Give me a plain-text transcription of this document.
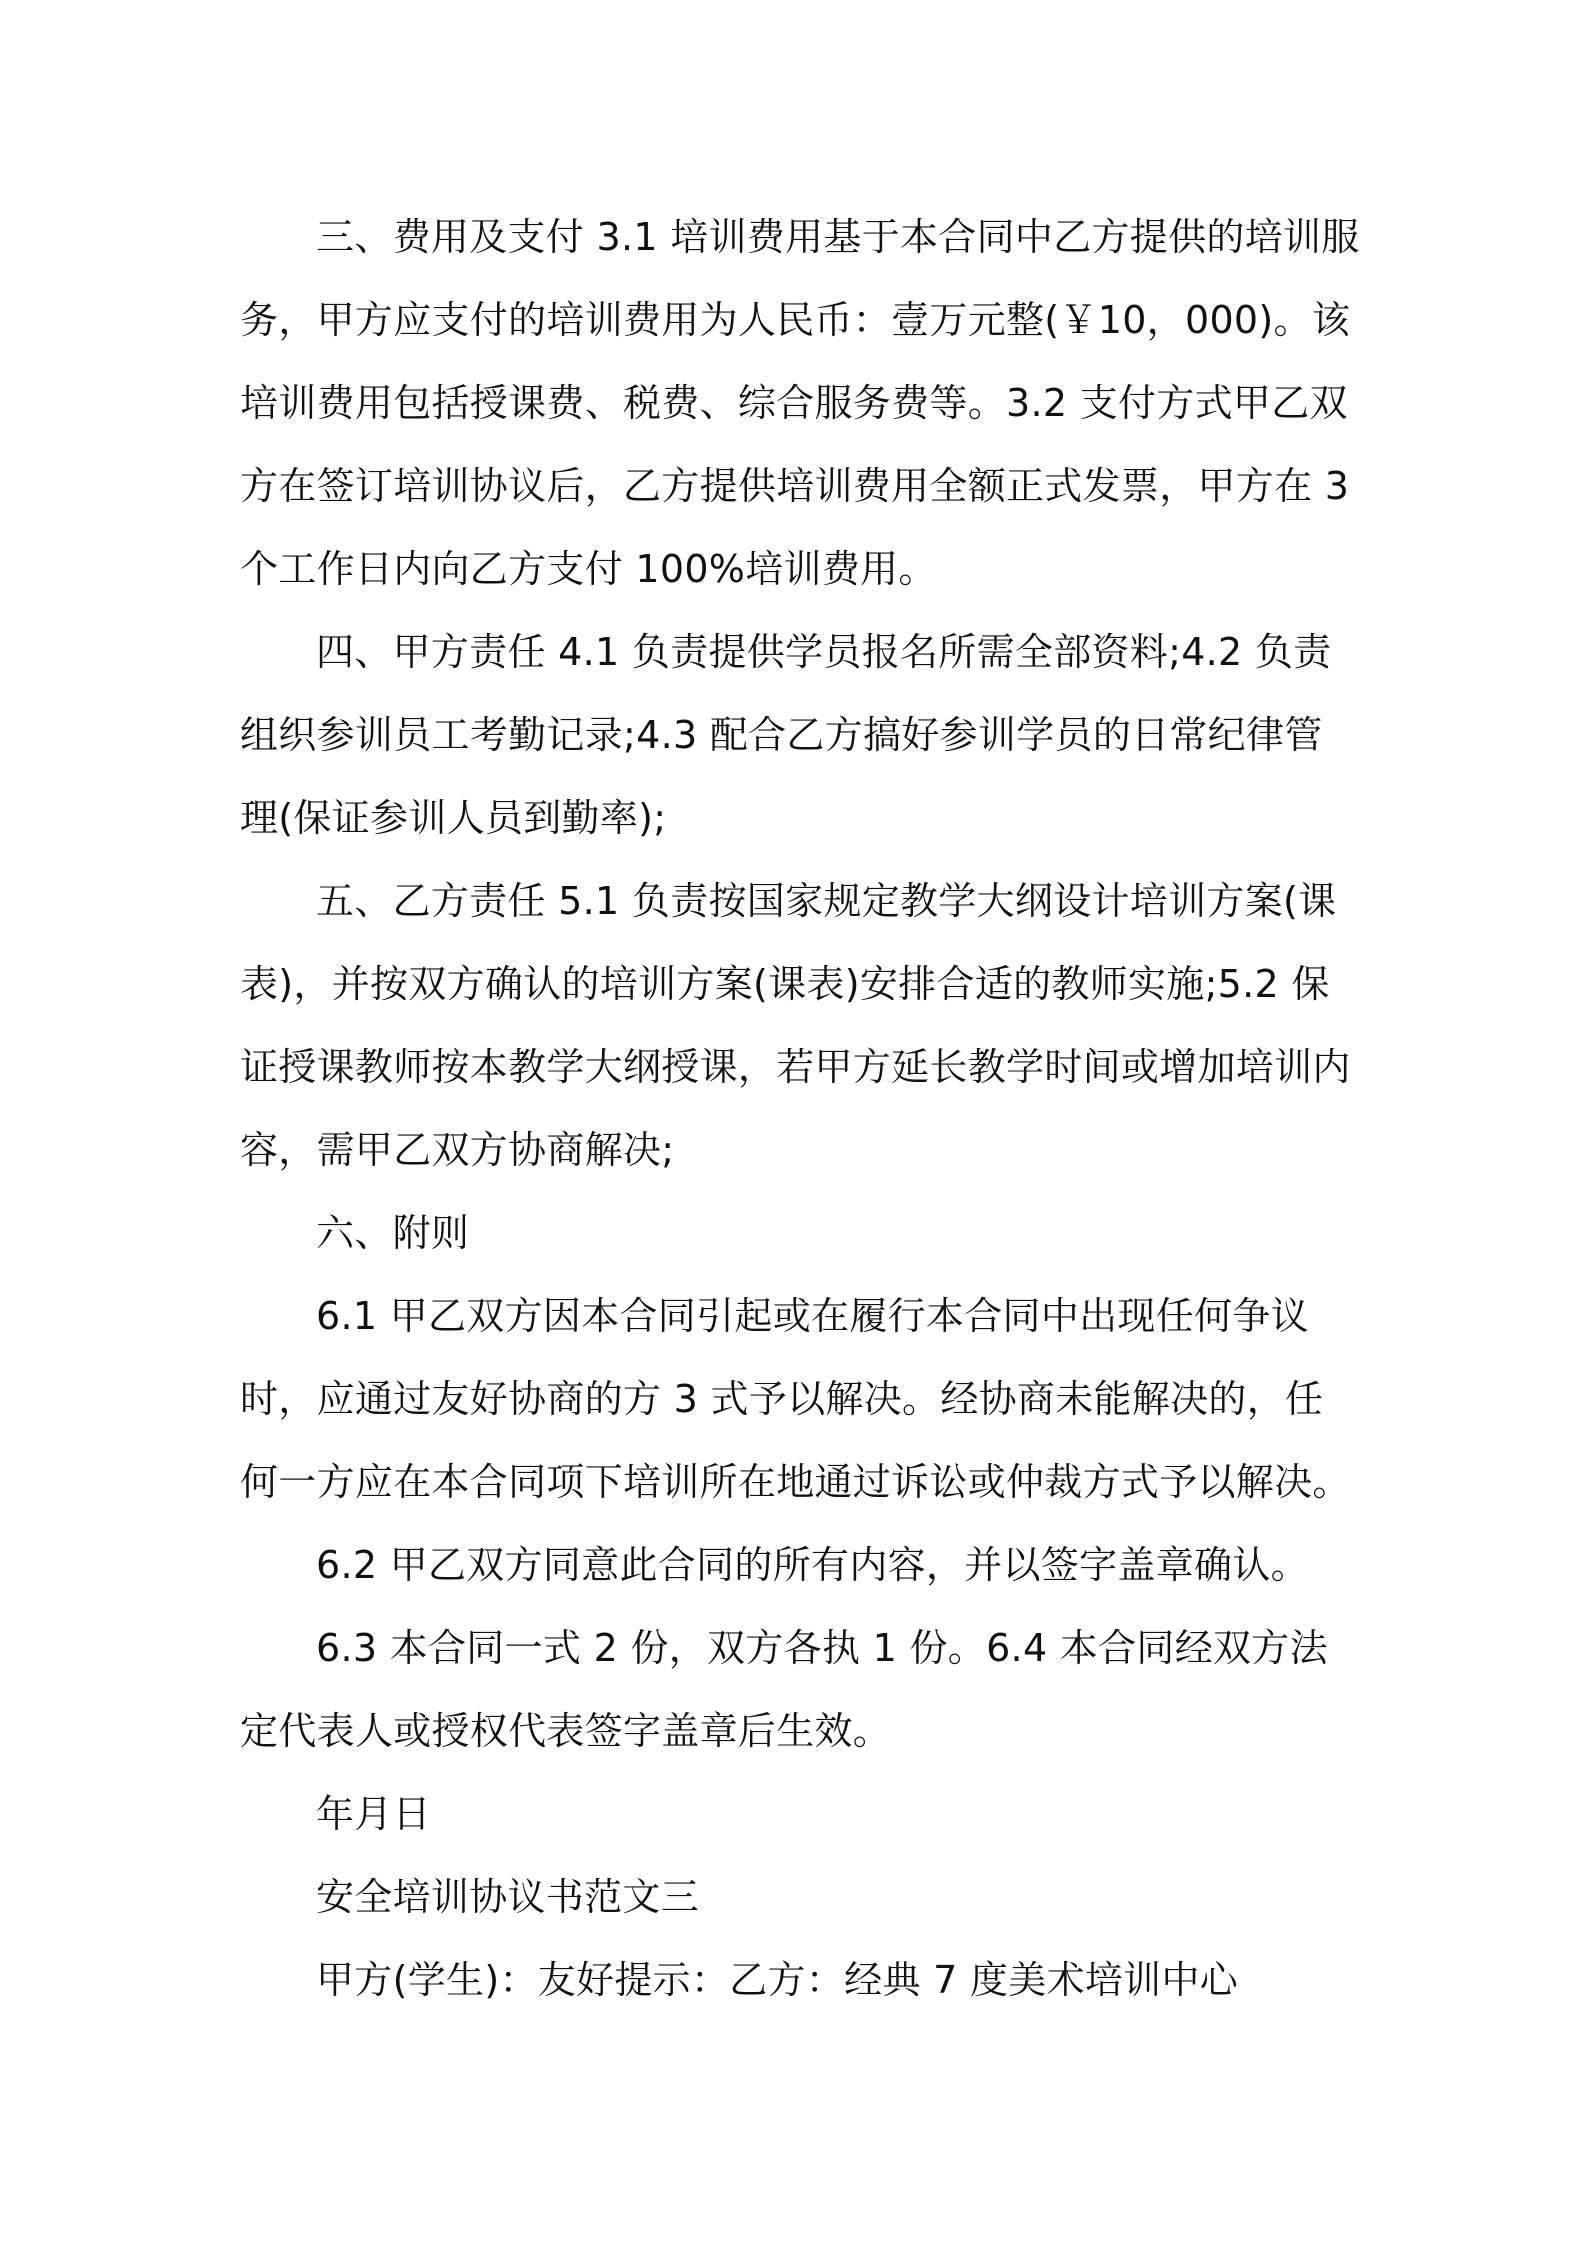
三、费用及支付 3.1 培训费用基于本合同中乙方提供的培训服务，甲方应支付的培训费用为人民币：壹万元整(￥10，000)。该培训费用包括授课费、税费、综合服务费等。3.2 支付方式甲乙双方在签订培训协议后，乙方提供培训费用全额正式发票，甲方在 3 个工作日内向乙方支付 100%培训费用。

四、甲方责任 4.1 负责提供学员报名所需全部资料;4.2 负责组织参训员工考勤记录;4.3 配合乙方搞好参训学员的日常纪律管理(保证参训人员到勤率);

五、乙方责任 5.1 负责按国家规定教学大纲设计培训方案(课表)，并按双方确认的培训方案(课表)安排合适的教师实施;5.2 保证授课教师按本教学大纲授课，若甲方延长教学时间或增加培训内容，需甲乙双方协商解决;

六、附则

6.1 甲乙双方因本合同引起或在履行本合同中出现任何争议时，应通过友好协商的方 3 式予以解决。经协商未能解决的，任何一方应在本合同项下培训所在地通过诉讼或仲裁方式予以解决。

6.2 甲乙双方同意此合同的所有内容，并以签字盖章确认。

6.3 本合同一式 2 份，双方各执 1 份。6.4 本合同经双方法定代表人或授权代表签字盖章后生效。

年月日

安全培训协议书范文三

甲方(学生)：友好提示：乙方：经典 7 度美术培训中心
